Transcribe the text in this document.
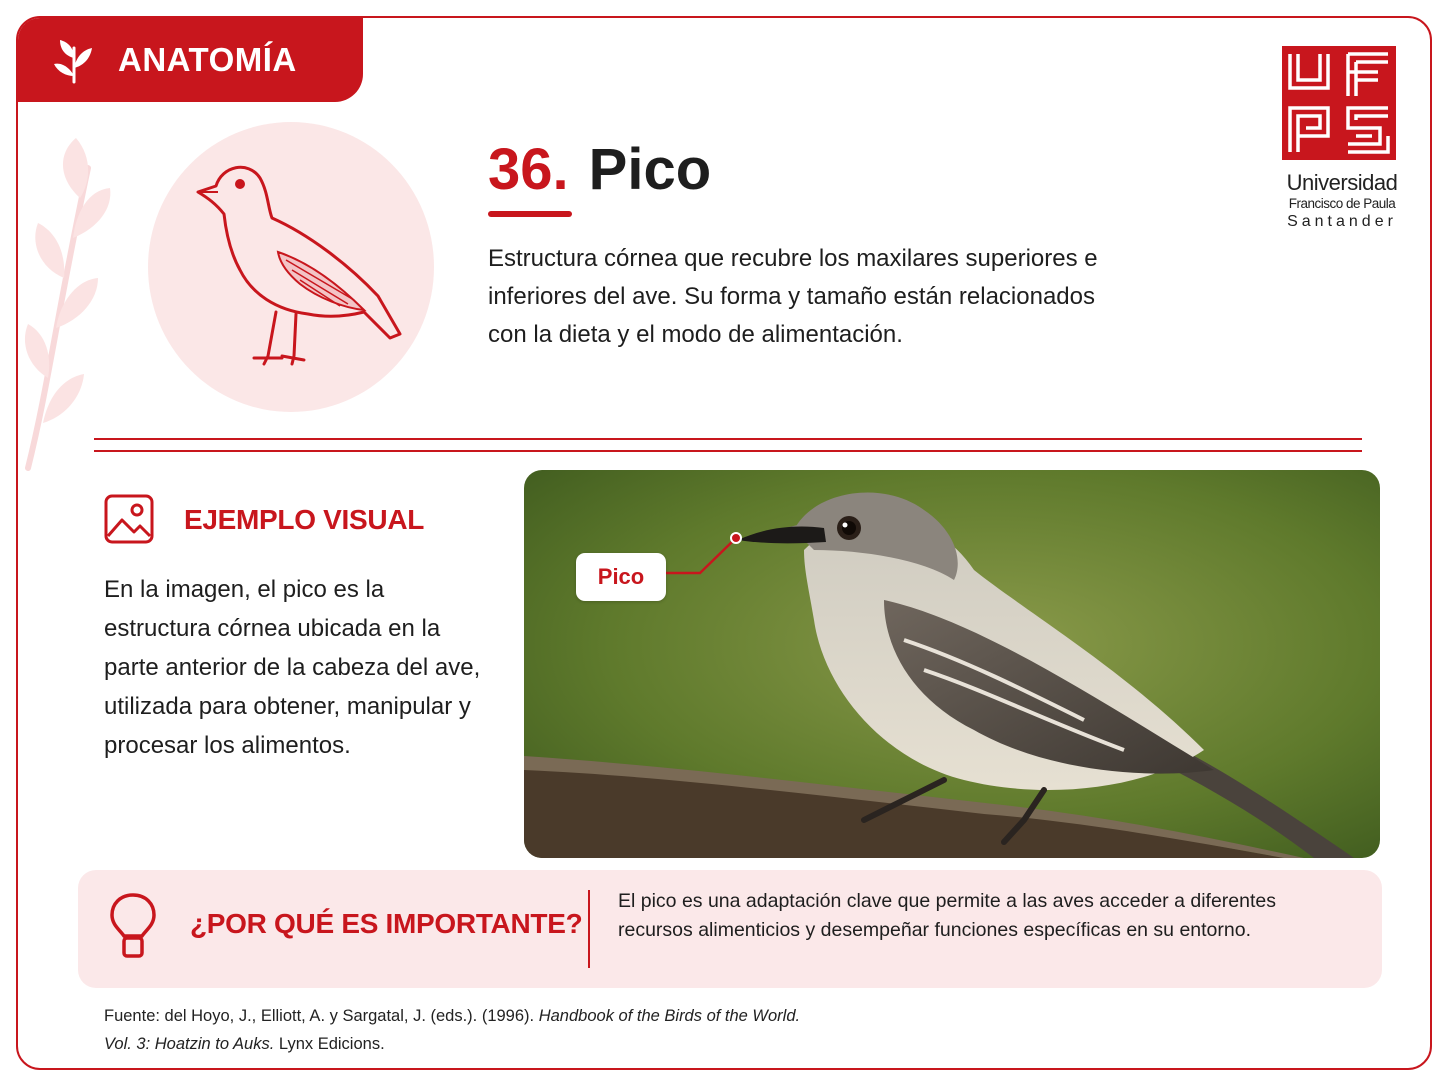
ANATOMÍA
36. Pico

Estructura córnea que recubre los maxilares superiores e inferiores del ave. Su forma y tamaño están relacionados con la dieta y el modo de alimentación.

Universidad
Francisco de Paula
Santander
EJEMPLO VISUAL

En la imagen, el pico es la estructura córnea ubicada en la parte anterior de la cabeza del ave, utilizada para obtener, manipular y procesar los alimentos.

Pico
¿POR QUÉ ES IMPORTANTE?

El pico es una adaptación clave que permite a las aves acceder a diferentes recursos alimenticios y desempeñar funciones específicas en su entorno.

Fuente: del Hoyo, J., Elliott, A. y Sargatal, J. (eds.). (1996). Handbook of the Birds of the World.
Vol. 3: Hoatzin to Auks. Lynx Edicions.
